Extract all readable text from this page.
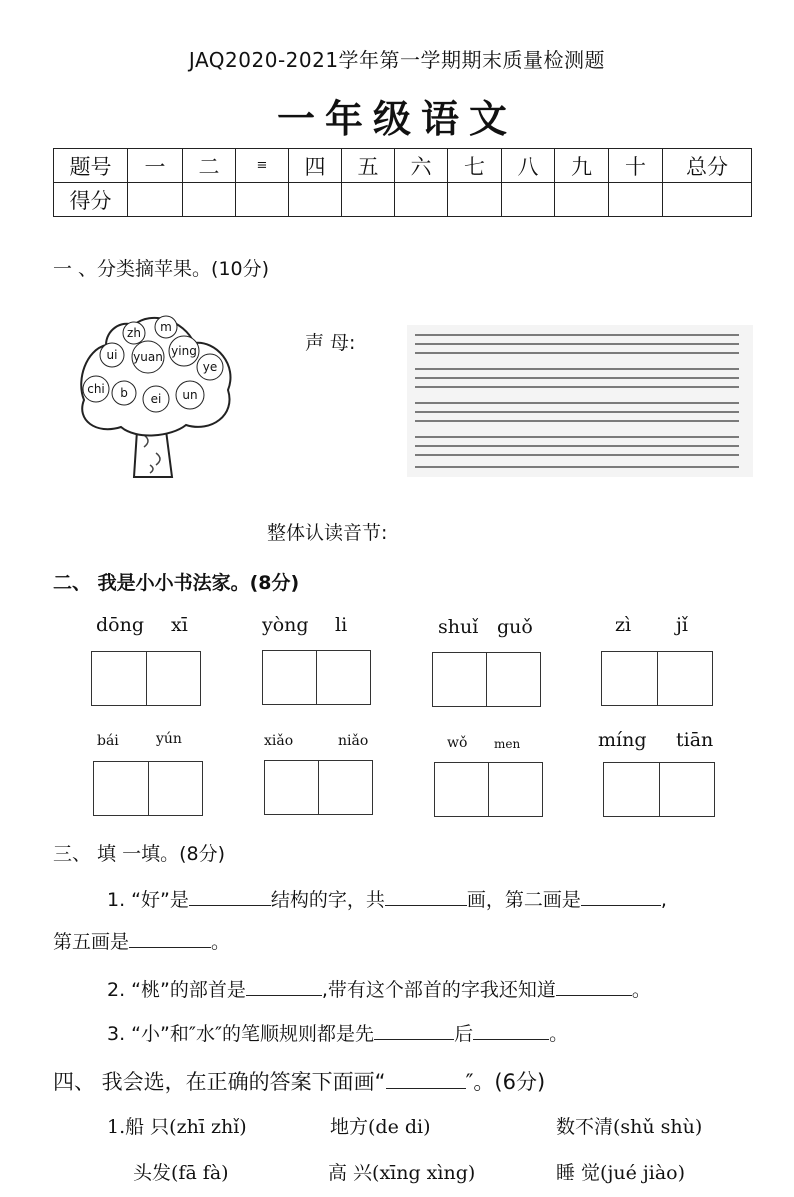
JAQ2020-2021学年第一学期期末质量检测题
一年级语文
题号	一	二	≡	四	五	六	七	八	九	十	总分
得分											
一 、分类摘苹果。(10分)
zh m
ui yuan ying
ye
chi b ei un
声 母:
整体认读音节:
二、 我是小小书法家。(8分)
dōng xī	yòng li	shuǐ guǒ	zì jǐ
bái	yún	xiǎo	niǎo	wǒ men	míng tiān
三、 填 一填。(8分)
1. “好”是	结构的字，共	画，第二画是	,
第五画是	。
2. “桃”的部首是	,带有这个部首的字我还知道	。
3. “小”和″水″的笔顺规则都是先	后	。
四、 我会选，在正确的答案下面画“	″。(6分)
1.船 只(zhī zhǐ)	地方(de di)	数不清(shǔ shù)
头发(fā fà)	高 兴(xīng xìng)	睡 觉(jué jiào)
